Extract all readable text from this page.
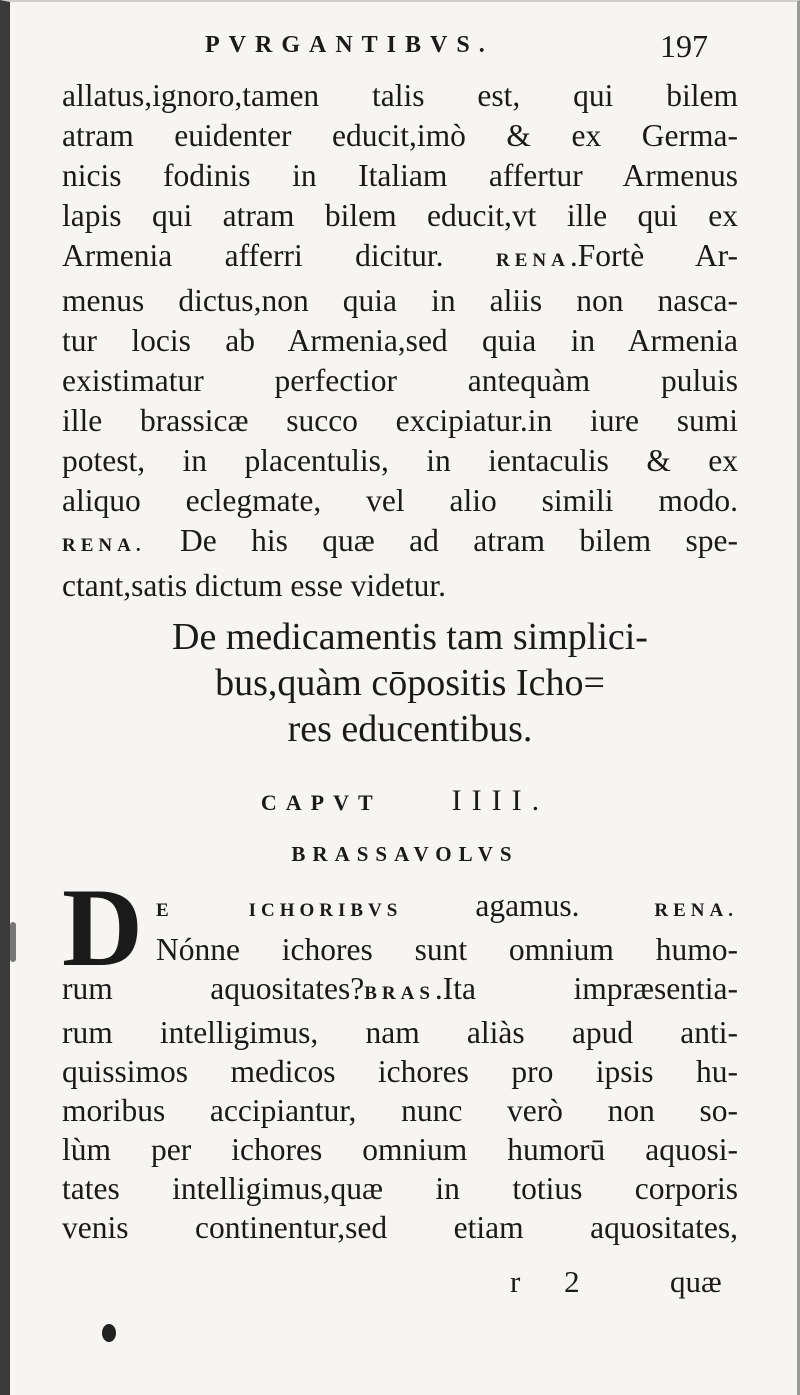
PVRGANTIBVS.	197
allatus,ignoro,tamen talis est, qui bilem
atram euidenter educit,imò & ex Germa-
nicis fodinis in Italiam affertur Armenus
lapis qui atram bilem educit,vt ille qui ex
Armenia afferri dicitur.	RENA.Fortè Ar-
menus dictus,non quia in aliis non nasca-
tur locis ab Armenia,sed quia in Armenia
existimatur perfectior antequàm puluis
ille brassicæ succo excipiatur.in iure sumi
potest, in placentulis, in ientaculis & ex
aliquo eclegmate, vel alio simili modo.
RENA. De his quæ ad atram bilem spe-
ctant,satis dictum esse videtur.
De medicamentis tam simplici-
bus,quàm cōpositis Icho=
res educentibus.
CAPVT IIII.
BRASSAVOLVS
D E ICHORIBVS agamus. RENA.
Nónne ichores sunt omnium humo-
rum aquositates?BRAS.Ita impræsentia-
rum intelligimus, nam aliàs apud anti-
quissimos medicos ichores pro ipsis hu-
moribus accipiantur, nunc verò non so-
lùm per ichores omnium humorū aquosi-
tates intelligimus,quæ in totius corporis
venis continentur,sed etiam aquositates,
r 2 quæ
